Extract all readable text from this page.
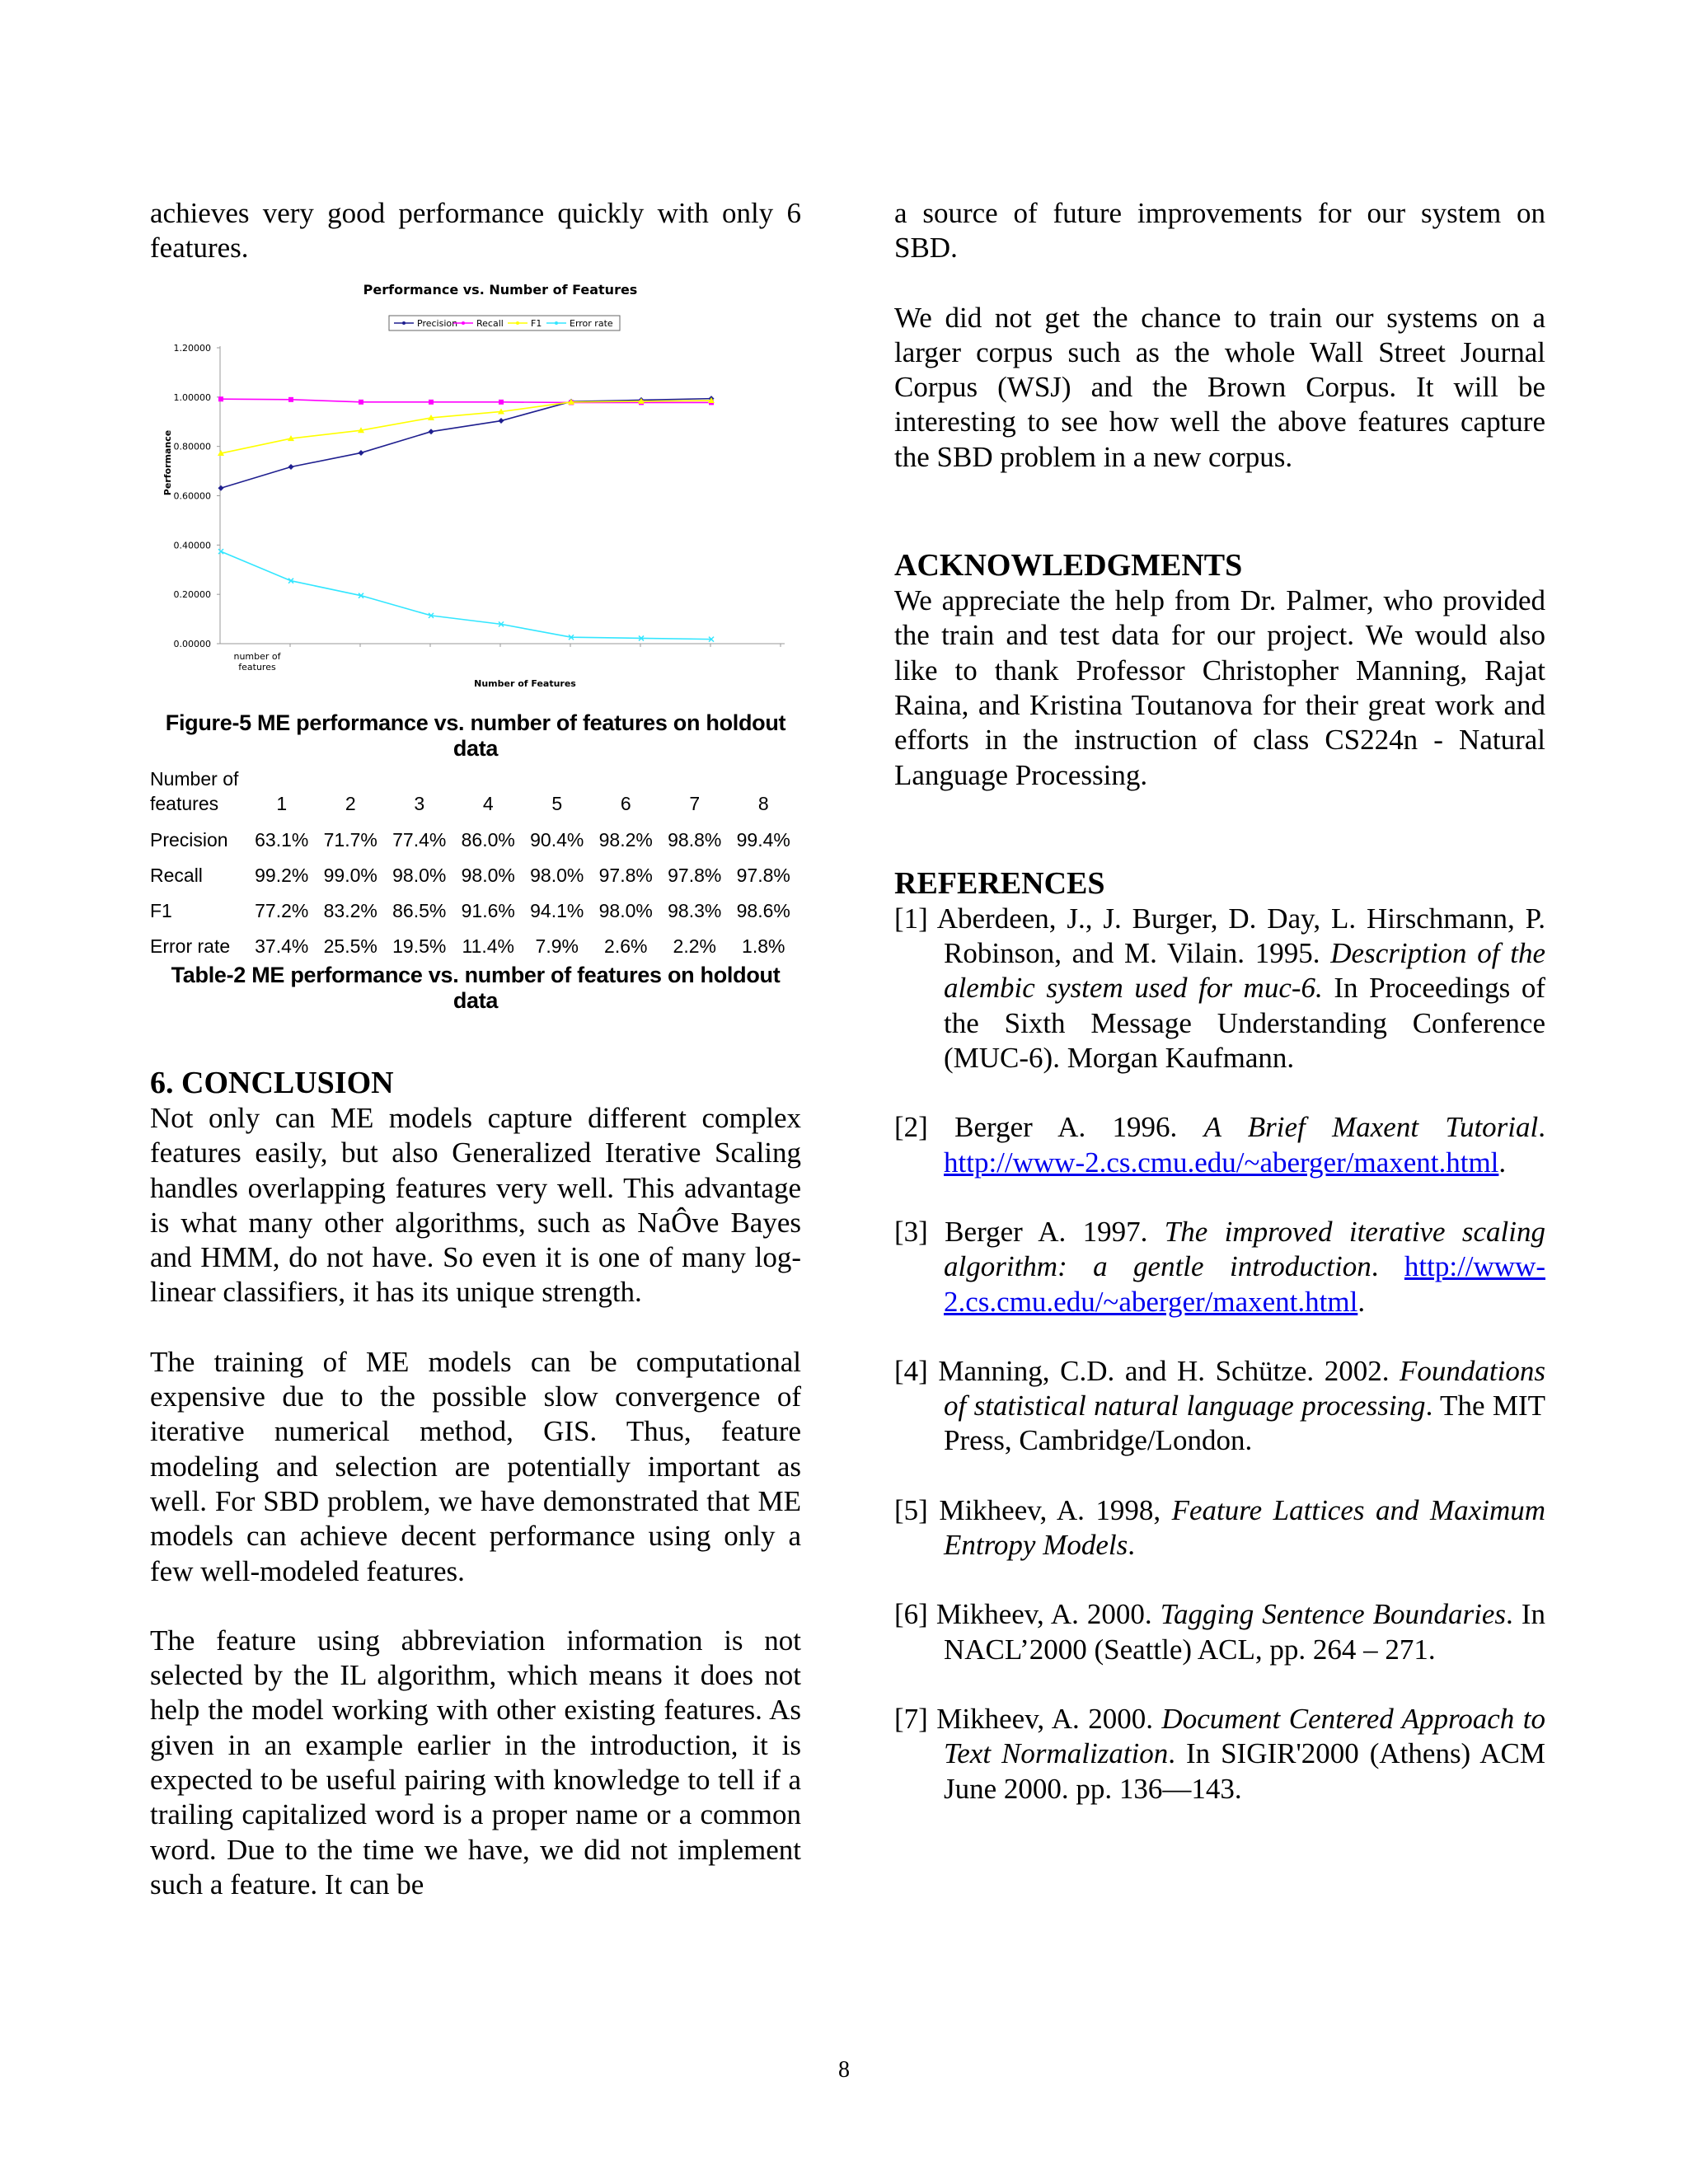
achieves very good performance quickly with only 6 features.

Performance vs. Number of Features
Precision Recall	F1	Error rate
0.00000
0.20000
0.40000
0.60000
0.80000
1.00000
1.20000
Performance
number of
features
Number of Features
Figure-5 ME performance vs. number of features on holdout data
Number of
features	1	2	3	4	5	6	7	8
Precision	63.1%	71.7%	77.4%	86.0%	90.4%	98.2%	98.8%	99.4%
Recall	99.2%	99.0%	98.0%	98.0%	98.0%	97.8%	97.8%	97.8%
F1	77.2%	83.2%	86.5%	91.6%	94.1%	98.0%	98.3%	98.6%
Error rate	37.4%	25.5%	19.5%	11.4%	7.9%	2.6%	2.2%	1.8%
Table-2 ME performance vs. number of features on holdout data
6. CONCLUSION

Not only can ME models capture different complex features easily, but also Generalized Iterative Scaling handles overlapping features very well. This advantage is what many other algorithms, such as NaÔve Bayes and HMM, do not have. So even it is one of many log-linear classifiers, it has its unique strength.

The training of ME models can be computational expensive due to the possible slow convergence of iterative numerical method, GIS. Thus, feature modeling and selection are potentially important as well. For SBD problem, we have demonstrated that ME models can achieve decent performance using only a few well-modeled features.

The feature using abbreviation information is not selected by the IL algorithm, which means it does not help the model working with other existing features. As given in an example earlier in the introduction, it is expected to be useful pairing with knowledge to tell if a trailing capitalized word is a proper name or a common word. Due to the time we have, we did not implement such a feature. It can be

a source of future improvements for our system on SBD.

We did not get the chance to train our systems on a larger corpus such as the whole Wall Street Journal Corpus (WSJ) and the Brown Corpus. It will be interesting to see how well the above features capture the SBD problem in a new corpus.

ACKNOWLEDGMENTS

We appreciate the help from Dr. Palmer, who provided the train and test data for our project. We would also like to thank Professor Christopher Manning, Rajat Raina, and Kristina Toutanova for their great work and efforts in the instruction of class CS224n - Natural Language Processing.

REFERENCES

[1] Aberdeen, J., J. Burger, D. Day, L. Hirschmann, P. Robinson, and M. Vilain. 1995. Description of the alembic system used for muc-6. In Proceedings of the Sixth Message Understanding Conference (MUC-6). Morgan Kaufmann.

[2] Berger A. 1996. A Brief Maxent Tutorial. http://www-2.cs.cmu.edu/~aberger/maxent.html.

[3] Berger A. 1997. The improved iterative scaling algorithm: a gentle introduction. http://www-2.cs.cmu.edu/~aberger/maxent.html.

[4] Manning, C.D. and H. Schütze. 2002. Foundations of statistical natural language processing. The MIT Press, Cambridge/London.

[5] Mikheev, A. 1998, Feature Lattices and Maximum Entropy Models.

[6] Mikheev, A. 2000. Tagging Sentence Boundaries. In NACL’2000 (Seattle) ACL, pp. 264 – 271.

[7] Mikheev, A. 2000. Document Centered Approach to Text Normalization. In SIGIR'2000 (Athens) ACM June 2000. pp. 136—143.

8
